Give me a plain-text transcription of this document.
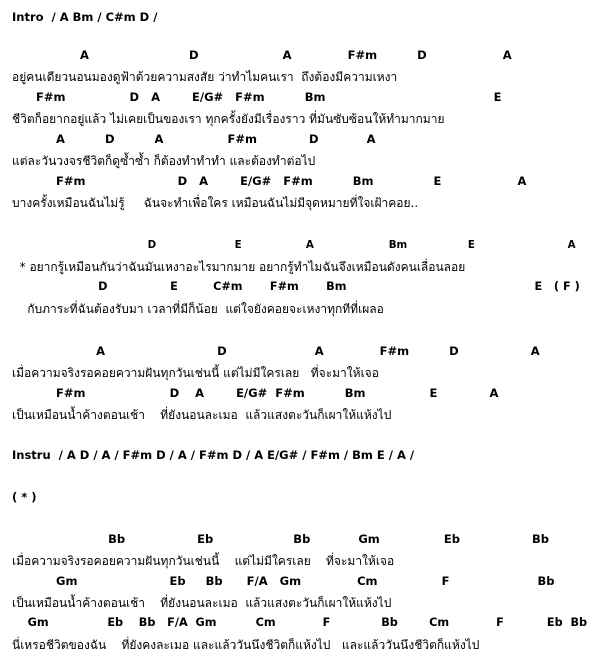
Intro  / A Bm / C#m D /
A                         D                     A              F#m          D                   A
อยู่คนเดียวนอนมองดูฟ้าด้วยความสงสัย ว่าทำไมคนเรา  ถึงต้องมีความเหงา
F#m                D   A        E/G#   F#m          Bm                                          E
ชีวิตก็อยากอยู่แล้ว ไม่เคยเป็นของเรา ทุกครั้งยังมีเรื่องราว ที่มันซับซ้อนให้ทำมากมาย
A          D          A                F#m             D            A
แต่ละวันวงจรชีวิตก็ดูซ้ำซ้ำ ก็ต้องทำทำทำ และต้องทำต่อไป
F#m                       D   A        E/G#   F#m          Bm               E                   A
บางครั้งเหมือนฉันไม่รู้     ฉันจะทำเพื่อใคร เหมือนฉันไม่มีจุดหมายที่ใจเฝ้าคอย..
D                      E                  A                     Bm                 E                          A
* อยากรู้เหมือนกันว่าฉันมันเหงาอะไรมากมาย อยากรู้ทำไมฉันจึงเหมือนดังคนเลื่อนลอย
D                E         C#m       F#m       Bm                                                E   ( F )
กับภาระที่ฉันต้องรับมา เวลาที่มีก็น้อย  แต่ใจยังคอยจะเหงาทุกทีที่เผลอ
A                            D                      A              F#m          D                  A
เมื่อความจริงรอคอยความฝันทุกวันเช่นนี้ แต่ไม่มีใครเลย   ที่จะมาให้เจอ
F#m                     D    A        E/G#  F#m          Bm                E             A
เป็นเหมือนน้ำค้างตอนเช้า    ที่ยังนอนละเมอ  แล้วแสงตะวันก็เผาให้แห้งไป
Instru  / A D / A / F#m D / A / F#m D / A E/G# / F#m / Bm E / A /
( * )
Bb                  Eb                    Bb            Gm                Eb                  Bb
เมื่อความจริงรอคอยความฝันทุกวันเช่นนี้    แต่ไม่มีใครเลย    ที่จะมาให้เจอ
Gm                       Eb     Bb      F/A   Gm              Cm                F                      Bb
เป็นเหมือนน้ำค้างตอนเช้า    ที่ยังนอนละเมอ  แล้วแสงตะวันก็เผาให้แห้งไป
Gm               Eb    Bb   F/A  Gm          Cm            F             Bb        Cm            F           Eb  Bb
นี่เหรอชีวิตของฉัน    ที่ยังคงละเมอ และแล้ววันนึงชีวิตก็แห้งไป   และแล้ววันนึงชีวิตก็แห้งไป
